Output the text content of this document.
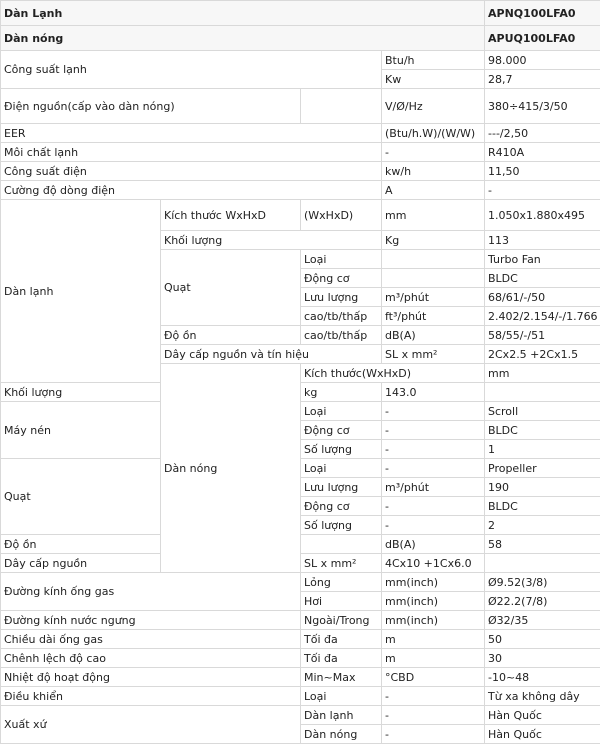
Dàn Lạnh				APNQ100LFA0	
Dàn nóng				APUQ100LFA0	
Công suất lạnh			Btu/h	98.000	
			Kw	28,7	
Điện nguồn(cấp vào dàn nóng)			V/Ø/Hz	380÷415/3/50	
EER			(Btu/h.W)/(W/W)	---/2,50	
Môi chất lạnh			-	R410A	
Công suất điện			kw/h	11,50	
Cường độ dòng điện			A	-	
Dàn lạnh	Kích thước WxHxD	(WxHxD)	mm	1.050x1.880x495	
	Khối lượng		Kg	113	
	Quạt	Loại		Turbo Fan	
		Động cơ		BLDC	
		Lưu lượng	m³/phút	68/61/-/50	
		cao/tb/thấp	ft³/phút	2.402/2.154/-/1.766	
	Độ ồn	cao/tb/thấp	dB(A)	58/55/-/51	
	Dây cấp nguồn và tín hiệu		SL x mm²	2Cx2.5 +2Cx1.5	
	Dàn nóng	Kích thước(WxHxD)		mm	
Khối lượng		kg	143.0		
Máy nén		Loại	-	Scroll	
		Động cơ	-	BLDC	
		Số lượng	-	1	
Quạt		Loại	-	Propeller	
		Lưu lượng	m³/phút	190	
		Động cơ	-	BLDC	
		Số lượng	-	2	
Độ ồn			dB(A)	58	
Dây cấp nguồn		SL x mm²	4Cx10 +1Cx6.0		
Đường kính ống gas		Lỏng	mm(inch)	Ø9.52(3/8)	
		Hơi	mm(inch)	Ø22.2(7/8)	
Đường kính nước ngưng		Ngoài/Trong	mm(inch)	Ø32/35	
Chiều dài ống gas		Tối đa	m	50	
Chênh lệch độ cao		Tối đa	m	30	
Nhiệt độ hoạt động		Min~Max	°CBD	-10~48	
Điều khiển		Loại	-	Từ xa không dây	
Xuất xứ		Dàn lạnh	-	Hàn Quốc	
		Dàn nóng	-	Hàn Quốc	
